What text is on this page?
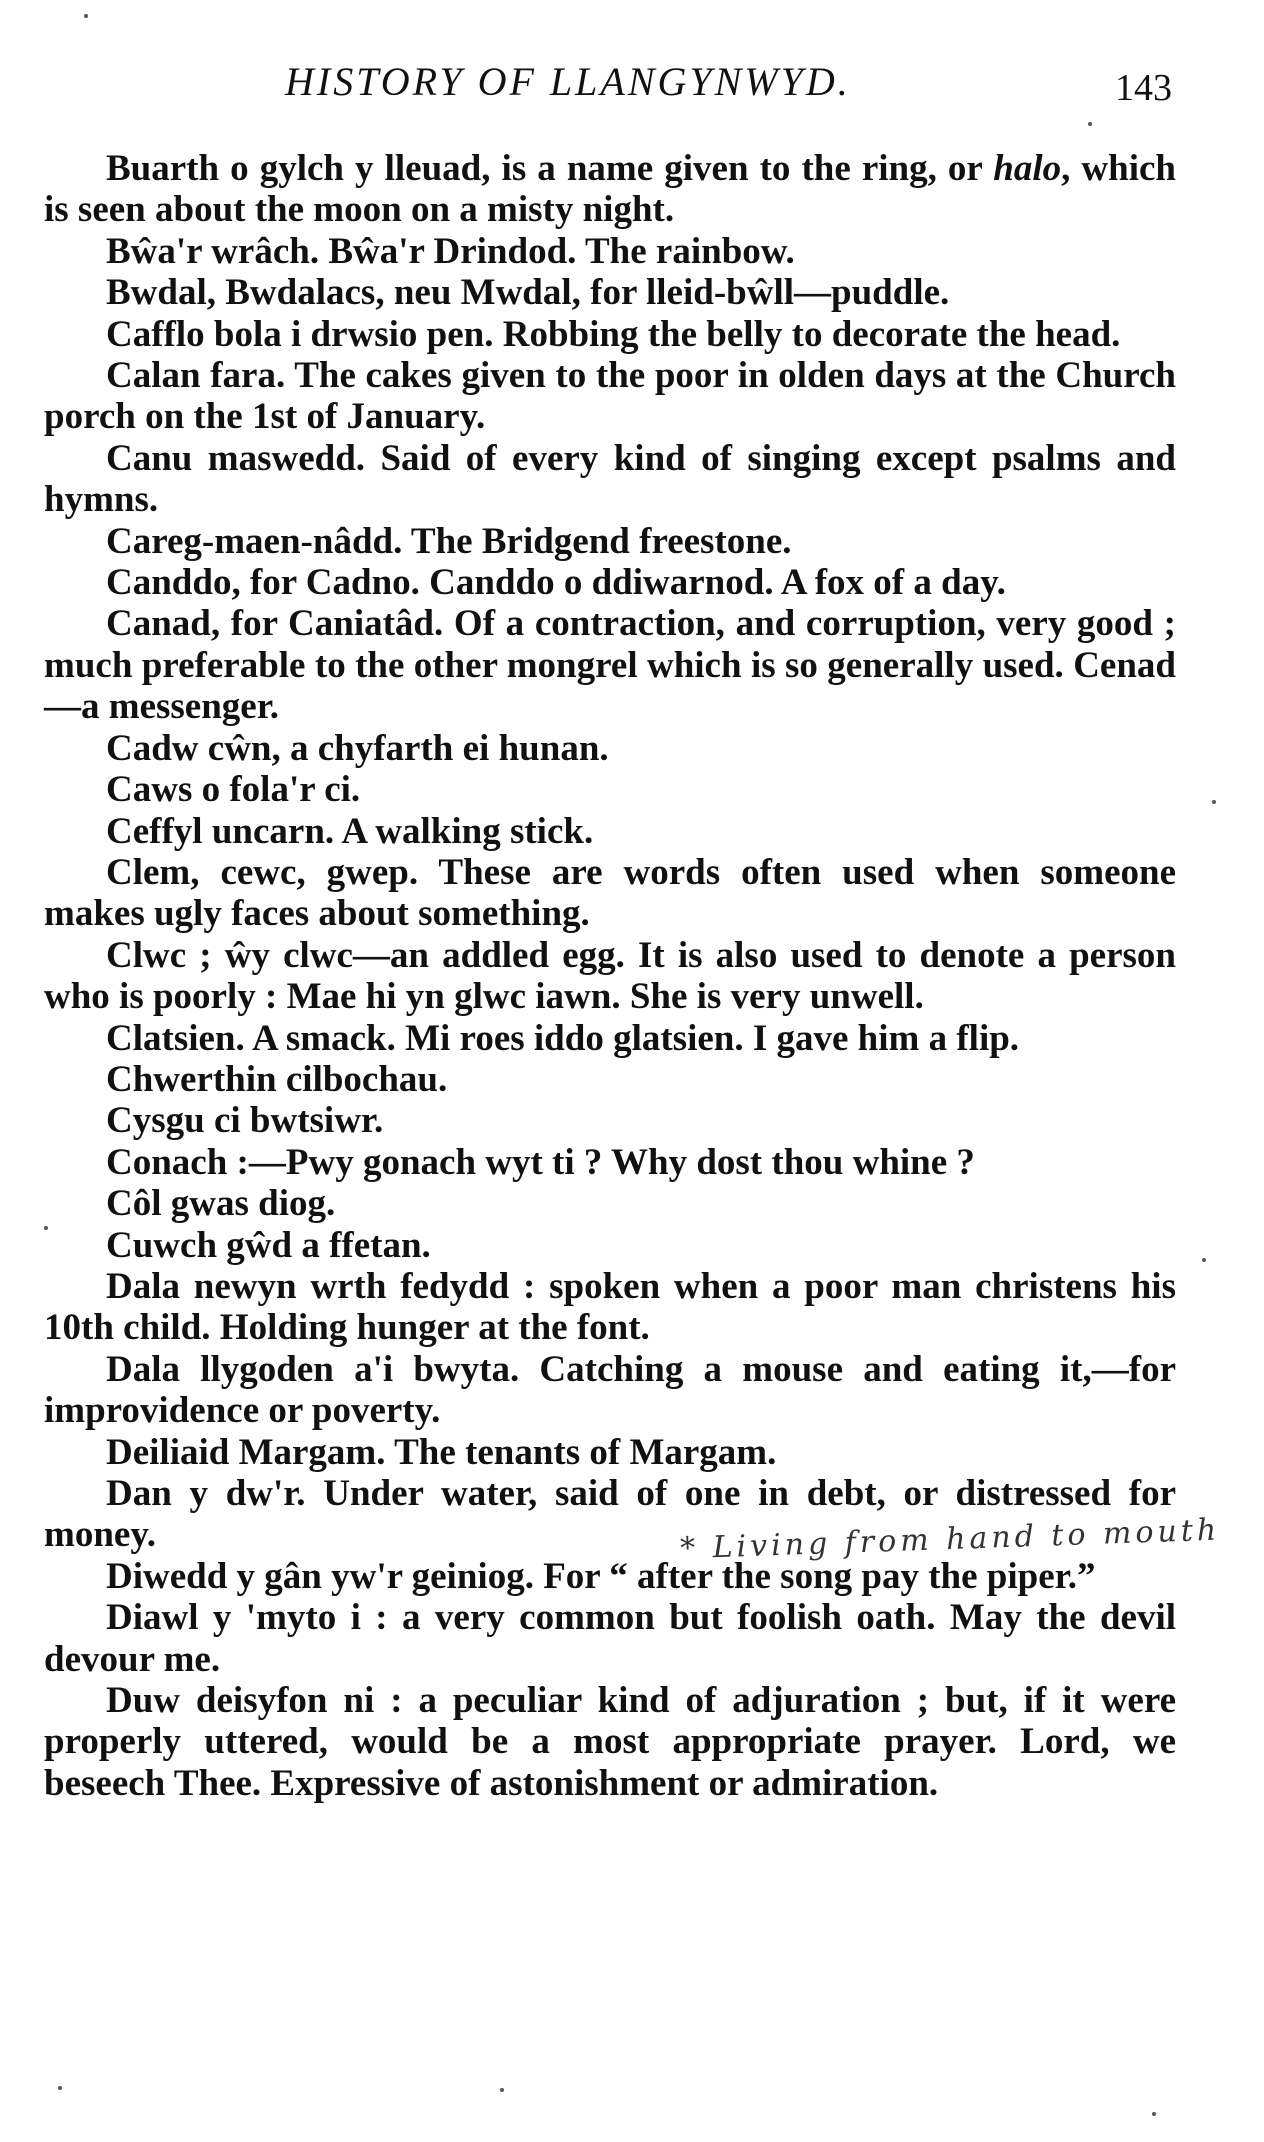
HISTORY OF LLANGYNWYD.	143

Buarth o gylch y lleuad, is a name given to the ring, or halo, which is seen about the moon on a misty night.

Bŵa'r wrâch. Bŵa'r Drindod. The rainbow.

Bwdal, Bwdalacs, neu Mwdal, for lleid-bŵll—puddle.

Cafflo bola i drwsio pen. Robbing the belly to decorate the head.

Calan fara. The cakes given to the poor in olden days at the Church porch on the 1st of January.

Canu maswedd. Said of every kind of singing except psalms and hymns.

Careg-maen-nâdd. The Bridgend freestone.

Canddo, for Cadno. Canddo o ddiwarnod. A fox of a day.

Canad, for Caniatâd. Of a contraction, and corruption, very good ; much preferable to the other mongrel which is so generally used. Cenad—a messenger.

Cadw cŵn, a chyfarth ei hunan.

Caws o fola'r ci.

Ceffyl uncarn. A walking stick.

Clem, cewc, gwep. These are words often used when someone makes ugly faces about something.

Clwc ; ŵy clwc—an addled egg. It is also used to denote a person who is poorly : Mae hi yn glwc iawn. She is very unwell.

Clatsien. A smack. Mi roes iddo glatsien. I gave him a flip.

Chwerthin cilbochau.

Cysgu ci bwtsiwr.

Conach :—Pwy gonach wyt ti ? Why dost thou whine ?

Côl gwas diog.

Cuwch gŵd a ffetan.

Dala newyn wrth fedydd : spoken when a poor man christens his 10th child. Holding hunger at the font.

Dala llygoden a'i bwyta. Catching a mouse and eating it,—for improvidence or poverty.

Deiliaid Margam. The tenants of Margam.

Dan y dw'r. Under water, said of one in debt, or distressed for money.

Diwedd y gân yw'r geiniog. For “ after the song pay the piper.”

Diawl y 'myto i : a very common but foolish oath. May the devil devour me.

Duw deisyfon ni : a peculiar kind of adjuration ; but, if it were properly uttered, would be a most appropriate prayer. Lord, we beseech Thee. Expressive of astonishment or admiration.

* Living from hand to mouth
